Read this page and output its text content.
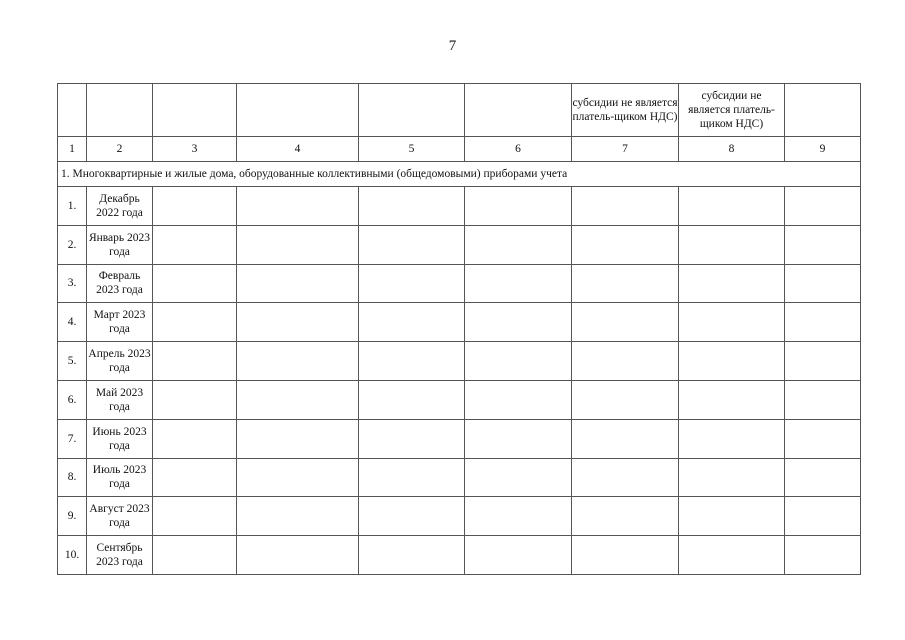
7
						субсидии не является платель-щиком НДС)	субсидии не является платель-щиком НДС)	
1	2	3	4	5	6	7	8	9
1. Многоквартирные и жилые дома, оборудованные коллективными (общедомовыми) приборами учета								
1.	Декабрь 2022 года							
2.	Январь 2023 года							
3.	Февраль 2023 года							
4.	Март 2023 года							
5.	Апрель 2023 года							
6.	Май 2023 года							
7.	Июнь 2023 года							
8.	Июль 2023 года							
9.	Август 2023 года							
10.	Сентябрь 2023 года							
